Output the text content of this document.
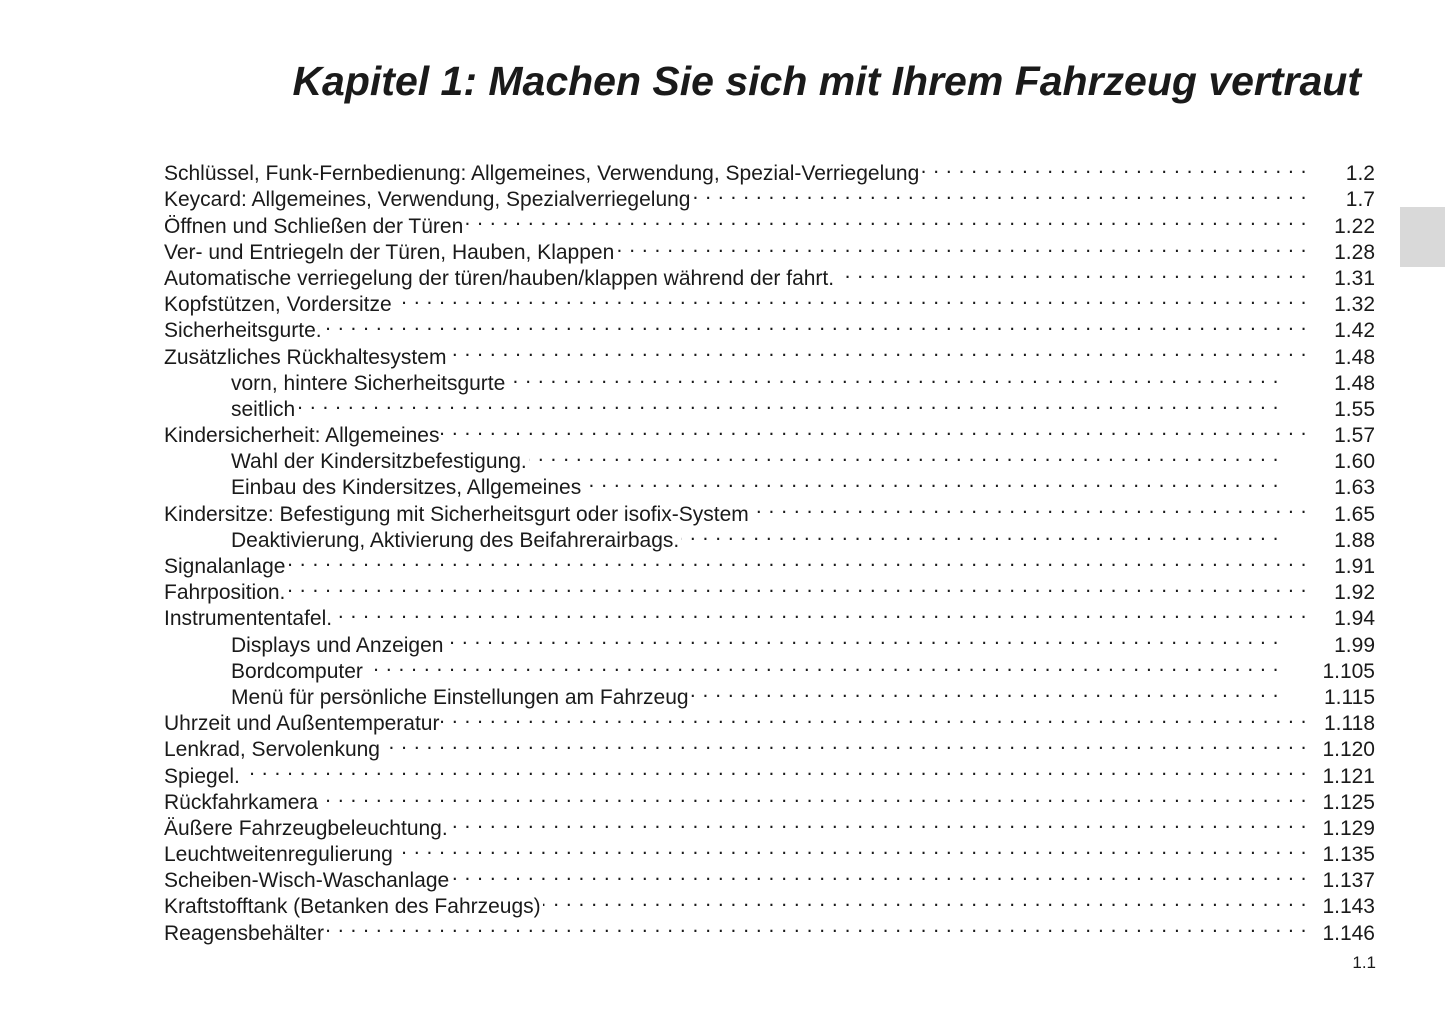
Kapitel 1: Machen Sie sich mit Ihrem Fahrzeug vertraut
Schlüssel, Funk-Fernbedienung: Allgemeines, Verwendung, Spezial-Verriegelung . . .	1.2
Keycard: Allgemeines, Verwendung, Spezialverriegelung . . .	1.7
Öffnen und Schließen der Türen . . .	1.22
Ver- und Entriegeln der Türen, Hauben, Klappen . . .	1.28
Automatische verriegelung der türen/hauben/klappen während der fahrt. . . .	1.31
Kopfstützen, Vordersitze . . .	1.32
Sicherheitsgurte. . . .	1.42
Zusätzliches Rückhaltesystem . . .	1.48
vorn, hintere Sicherheitsgurte . . .	1.48
seitlich . . .	1.55
Kindersicherheit: Allgemeines . . .	1.57
Wahl der Kindersitzbefestigung. . . .	1.60
Einbau des Kindersitzes, Allgemeines . . .	1.63
Kindersitze: Befestigung mit Sicherheitsgurt oder isofix-System . . .	1.65
Deaktivierung, Aktivierung des Beifahrerairbags. . . .	1.88
Signalanlage . . .	1.91
Fahrposition. . . .	1.92
Instrumententafel. . . .	1.94
Displays und Anzeigen . . .	1.99
Bordcomputer . . .	1.105
Menü für persönliche Einstellungen am Fahrzeug . . .	1.115
Uhrzeit und Außentemperatur . . .	1.118
Lenkrad, Servolenkung . . .	1.120
Spiegel. . . .	1.121
Rückfahrkamera . . .	1.125
Äußere Fahrzeugbeleuchtung. . . .	1.129
Leuchtweitenregulierung . . .	1.135
Scheiben-Wisch-Waschanlage . . .	1.137
Kraftstofftank (Betanken des Fahrzeugs) . . .	1.143
Reagensbehälter . . .	1.146
1.1
